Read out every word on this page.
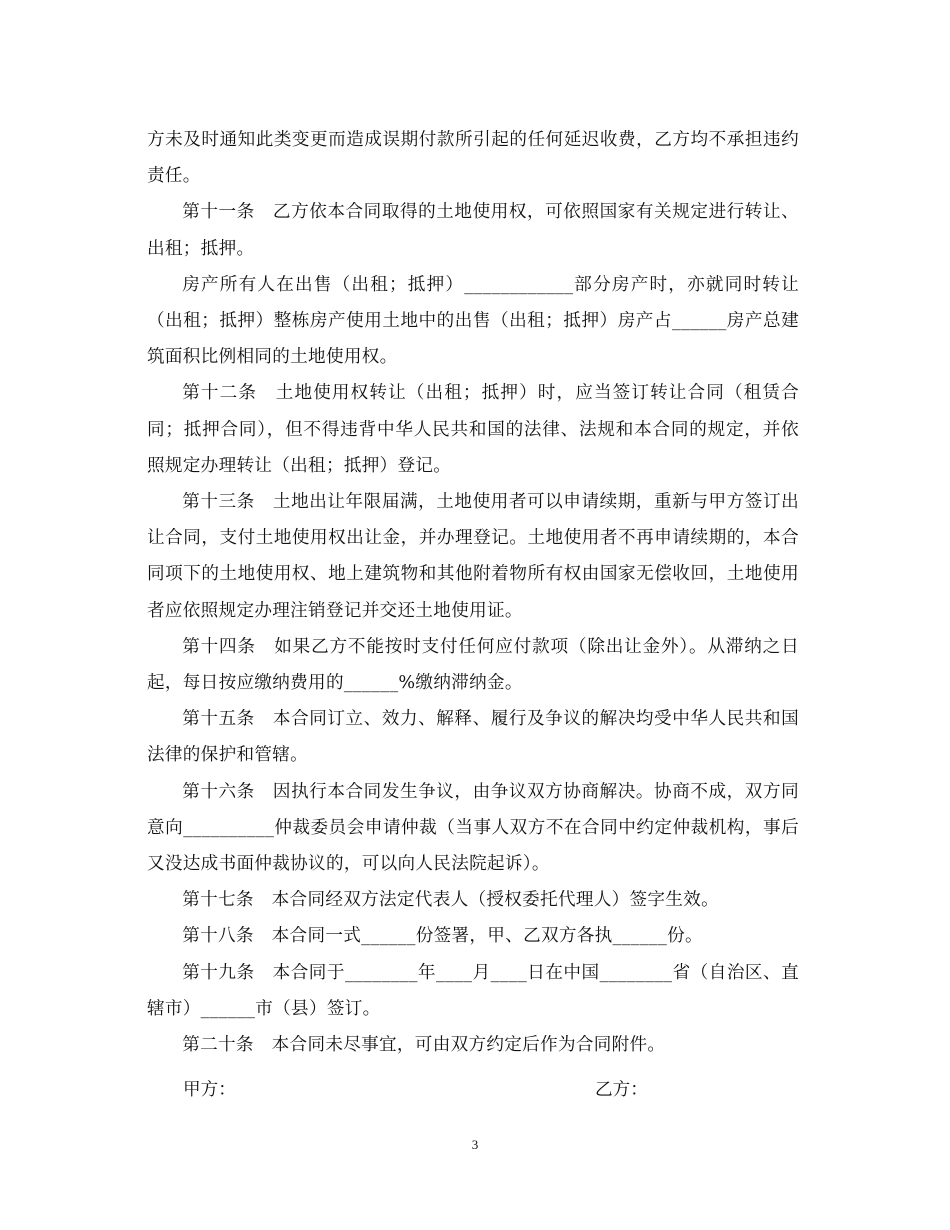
方未及时通知此类变更而造成误期付款所引起的任何延迟收费，乙方均不承担违约责任。

第十一条　乙方依本合同取得的土地使用权，可依照国家有关规定进行转让、出租；抵押。

房产所有人在出售（出租；抵押）____________部分房产时，亦就同时转让（出租；抵押）整栋房产使用土地中的出售（出租；抵押）房产占______房产总建筑面积比例相同的土地使用权。

第十二条　土地使用权转让（出租；抵押）时，应当签订转让合同（租赁合同；抵押合同），但不得违背中华人民共和国的法律、法规和本合同的规定，并依照规定办理转让（出租；抵押）登记。

第十三条　土地出让年限届满，土地使用者可以申请续期，重新与甲方签订出让合同，支付土地使用权出让金，并办理登记。土地使用者不再申请续期的，本合同项下的土地使用权、地上建筑物和其他附着物所有权由国家无偿收回，土地使用者应依照规定办理注销登记并交还土地使用证。

第十四条　如果乙方不能按时支付任何应付款项（除出让金外）。从滞纳之日起，每日按应缴纳费用的______%缴纳滞纳金。

第十五条　本合同订立、效力、解释、履行及争议的解决均受中华人民共和国法律的保护和管辖。

第十六条　因执行本合同发生争议，由争议双方协商解决。协商不成，双方同意向__________仲裁委员会申请仲裁（当事人双方不在合同中约定仲裁机构，事后又没达成书面仲裁协议的，可以向人民法院起诉）。

第十七条　本合同经双方法定代表人（授权委托代理人）签字生效。

第十八条　本合同一式______份签署，甲、乙双方各执______份。

第十九条　本合同于________年____月____日在中国________省（自治区、直辖市）______市（县）签订。

第二十条　本合同未尽事宜，可由双方约定后作为合同附件。

甲方：	乙方：
3
